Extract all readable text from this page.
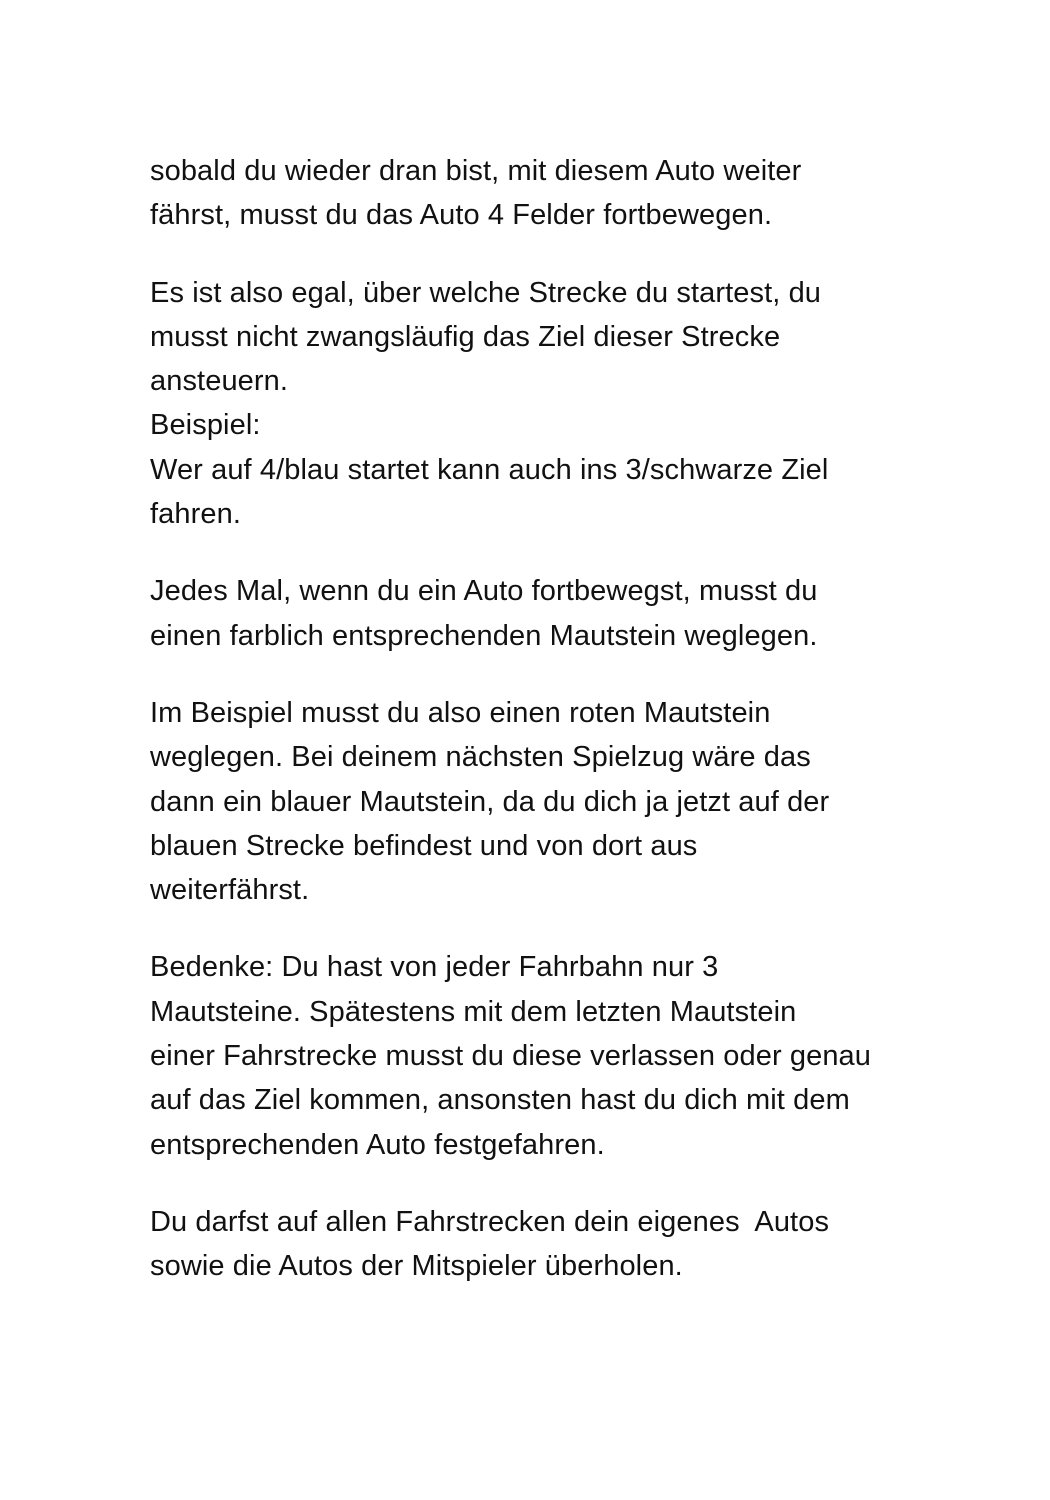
sobald du wieder dran bist, mit diesem Auto weiter
fährst, musst du das Auto 4 Felder fortbewegen.
Es ist also egal, über welche Strecke du startest, du
musst nicht zwangsläufig das Ziel dieser Strecke
ansteuern.
Beispiel:
Wer auf 4/blau startet kann auch ins 3/schwarze Ziel
fahren.
Jedes Mal, wenn du ein Auto fortbewegst, musst du
einen farblich entsprechenden Mautstein weglegen.
Im Beispiel musst du also einen roten Mautstein
weglegen. Bei deinem nächsten Spielzug wäre das
dann ein blauer Mautstein, da du dich ja jetzt auf der
blauen Strecke befindest und von dort aus
weiterfährst.
Bedenke: Du hast von jeder Fahrbahn nur 3
Mautsteine. Spätestens mit dem letzten Mautstein
einer Fahrstrecke musst du diese verlassen oder genau
auf das Ziel kommen, ansonsten hast du dich mit dem
entsprechenden Auto festgefahren.
Du darfst auf allen Fahrstrecken dein eigenes  Autos
sowie die Autos der Mitspieler überholen.
